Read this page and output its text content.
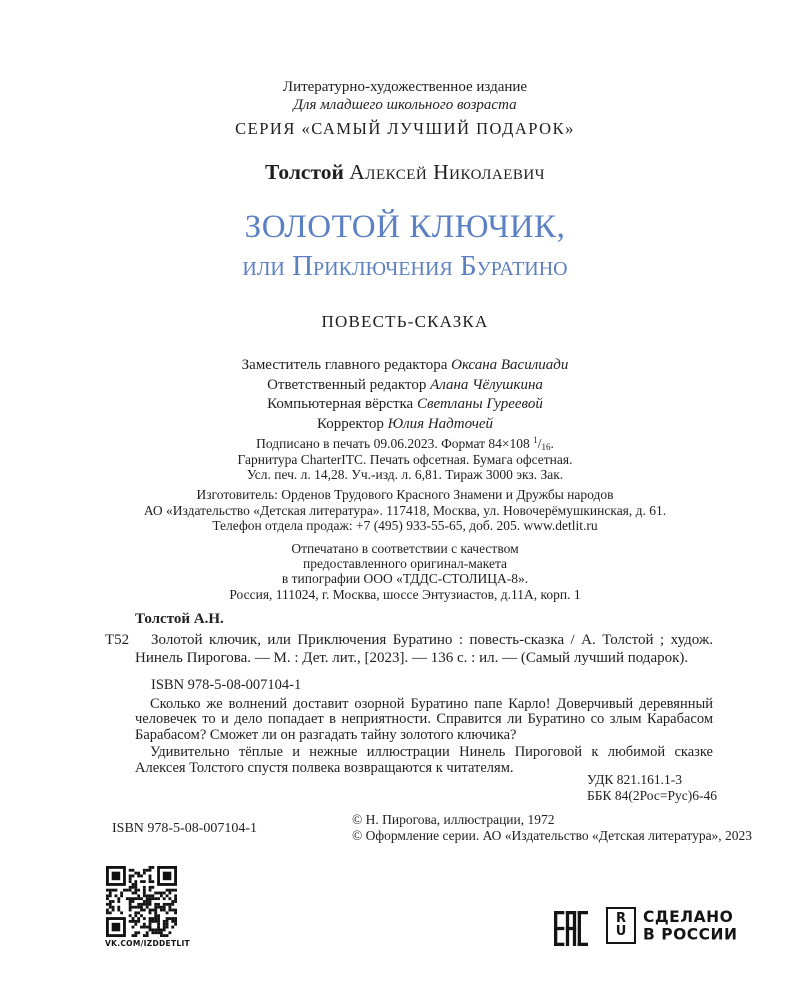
Литературно-художественное издание
Для младшего школьного возраста
СЕРИЯ «САМЫЙ ЛУЧШИЙ ПОДАРОК»
Толстой Алексей Николаевич
ЗОЛОТОЙ КЛЮЧИК,
или Приключения Буратино
ПОВЕСТЬ-СКАЗКА
Заместитель главного редактора Оксана Василиади
Ответственный редактор Алана Чёлушкина
Компьютерная вёрстка Светланы Гуреевой
Корректор Юлия Надточей
Подписано в печать 09.06.2023. Формат 84×108 $^1/_{16}$.
Гарнитура CharterITC. Печать офсетная. Бумага офсетная.
Усл. печ. л. 14,28. Уч.-изд. л. 6,81. Тираж 3000 экз. Зак.
Изготовитель: Орденов Трудового Красного Знамени и Дружбы народов
АО «Издательство «Детская литература». 117418, Москва, ул. Новочерёмушкинская, д. 61.
Телефон отдела продаж: +7 (495) 933-55-65, доб. 205. www.detlit.ru
Отпечатано в соответствии с качеством
предоставленного оригинал-макета
в типографии ООО «ТДДС-СТОЛИЦА-8».
Россия, 111024, г. Москва, шоссе Энтузиастов, д.11А, корп. 1
Толстой А.Н.
Т52	Золотой ключик, или Приключения Буратино : повесть-сказка / А. Толстой ; худож. Нинель Пирогова. — М. : Дет. лит., [2023]. — 136 с. : ил. — (Самый лучший подарок).

ISBN 978-5-08-007104-1

Сколько же волнений доставит озорной Буратино папе Карло! Доверчивый деревянный человечек то и дело попадает в неприятности. Справится ли Буратино со злым Карабасом Барабасом? Сможет ли он разгадать тайну золотого ключика?

Удивительно тёплые и нежные иллюстрации Нинель Пироговой к любимой сказке Алексея Толстого спустя полвека возвращаются к читателям.

УДК 821.161.1-3
ББК 84(2Рос=Рус)6-46
© Н. Пирогова, иллюстрации, 1972
© Оформление серии. АО «Издательство «Детская литература», 2023
ISBN 978-5-08-007104-1
VK.COM/IZDDETLIT
R
U
СДЕЛАНО
В РОССИИ
